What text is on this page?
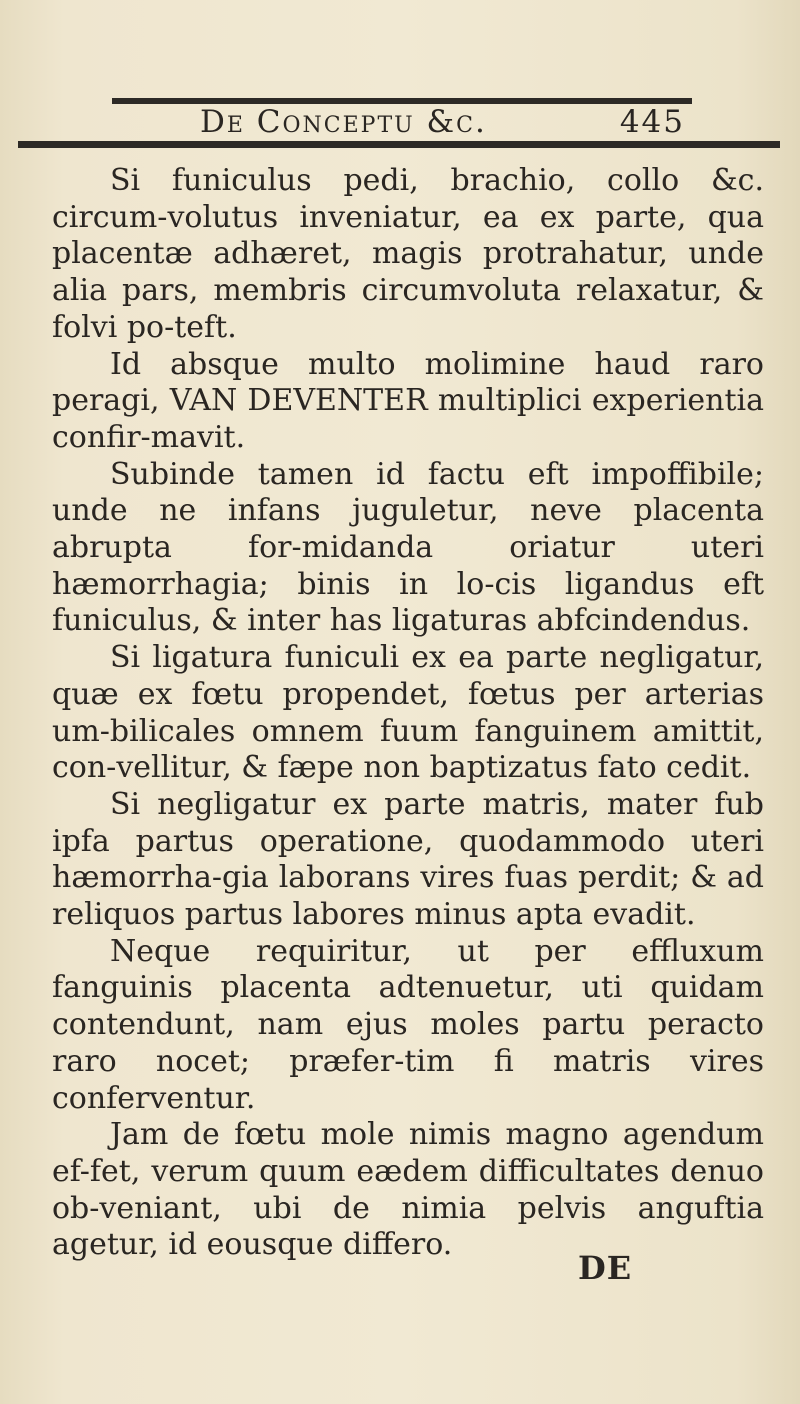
De Conceptu &c.	445

Si funiculus pedi, brachio, collo &c. circum-volutus inveniatur, ea ex parte, qua placentæ adhæret, magis protrahatur, unde alia pars, membris circumvoluta relaxatur, & folvi po-teft.

Id absque multo molimine haud raro peragi, VAN DEVENTER multiplici experientia confir-mavit.

Subinde tamen id factu eft impoffibile; unde ne infans juguletur, neve placenta abrupta for-midanda oriatur uteri hæmorrhagia; binis in lo-cis ligandus eft funiculus, & inter has ligaturas abfcindendus.

Si ligatura funiculi ex ea parte negligatur, quæ ex fœtu propendet, fœtus per arterias um-bilicales omnem fuum fanguinem amittit, con-vellitur, & fæpe non baptizatus fato cedit.

Si negligatur ex parte matris, mater fub ipfa partus operatione, quodammodo uteri hæmorrha-gia laborans vires fuas perdit; & ad reliquos partus labores minus apta evadit.

Neque requiritur, ut per effluxum fanguinis placenta adtenuetur, uti quidam contendunt, nam ejus moles partu peracto raro nocet; præfer-tim fi matris vires conferventur.

Jam de fœtu mole nimis magno agendum ef-fet, verum quum eædem difficultates denuo ob-veniant, ubi de nimia pelvis anguftia agetur, id eousque differo.

DE
